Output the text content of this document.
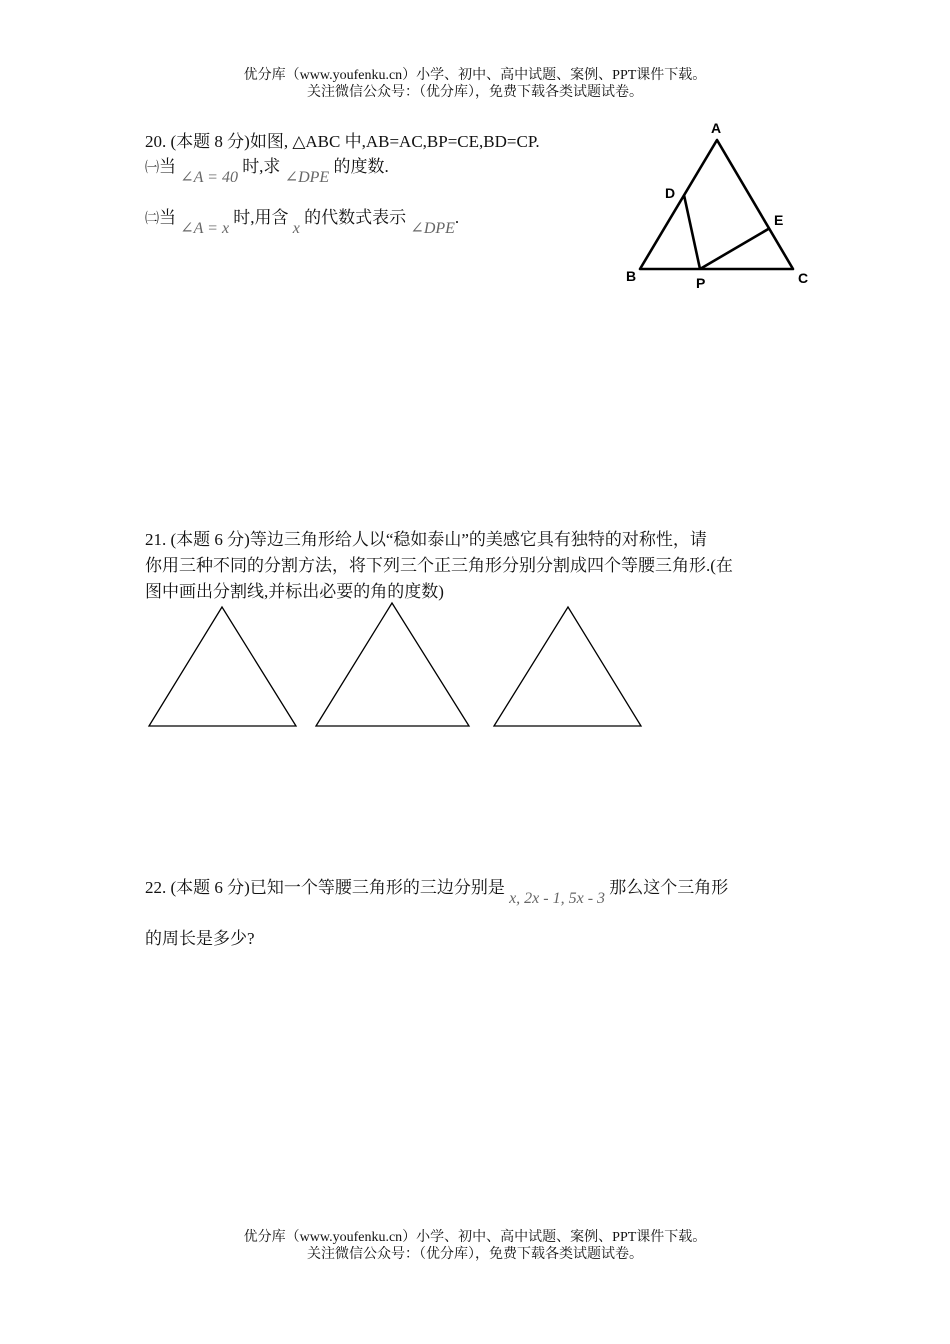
优分库（www.youfenku.cn）小学、初中、高中试题、案例、PPT课件下载。
关注微信公众号：（优分库），免费下载各类试题试卷。
20. (本题 8 分)如图, △ABC 中,AB=AC,BP=CE,BD=CP.
㈠当 ∠A = 40 时,求 ∠DPE 的度数.
㈡当 ∠A = x 时,用含 x 的代数式表示 ∠DPE.
A
D
E
B	P	C
21. (本题 6 分)等边三角形给人以“稳如泰山”的美感它具有独特的对称性，请
你用三种不同的分割方法，将下列三个正三角形分别分割成四个等腰三角形.(在
图中画出分割线,并标出必要的角的度数)
22. (本题 6 分)已知一个等腰三角形的三边分别是 x, 2x - 1, 5x - 3 那么这个三角形
的周长是多少?
优分库（www.youfenku.cn）小学、初中、高中试题、案例、PPT课件下载。
关注微信公众号：（优分库），免费下载各类试题试卷。
